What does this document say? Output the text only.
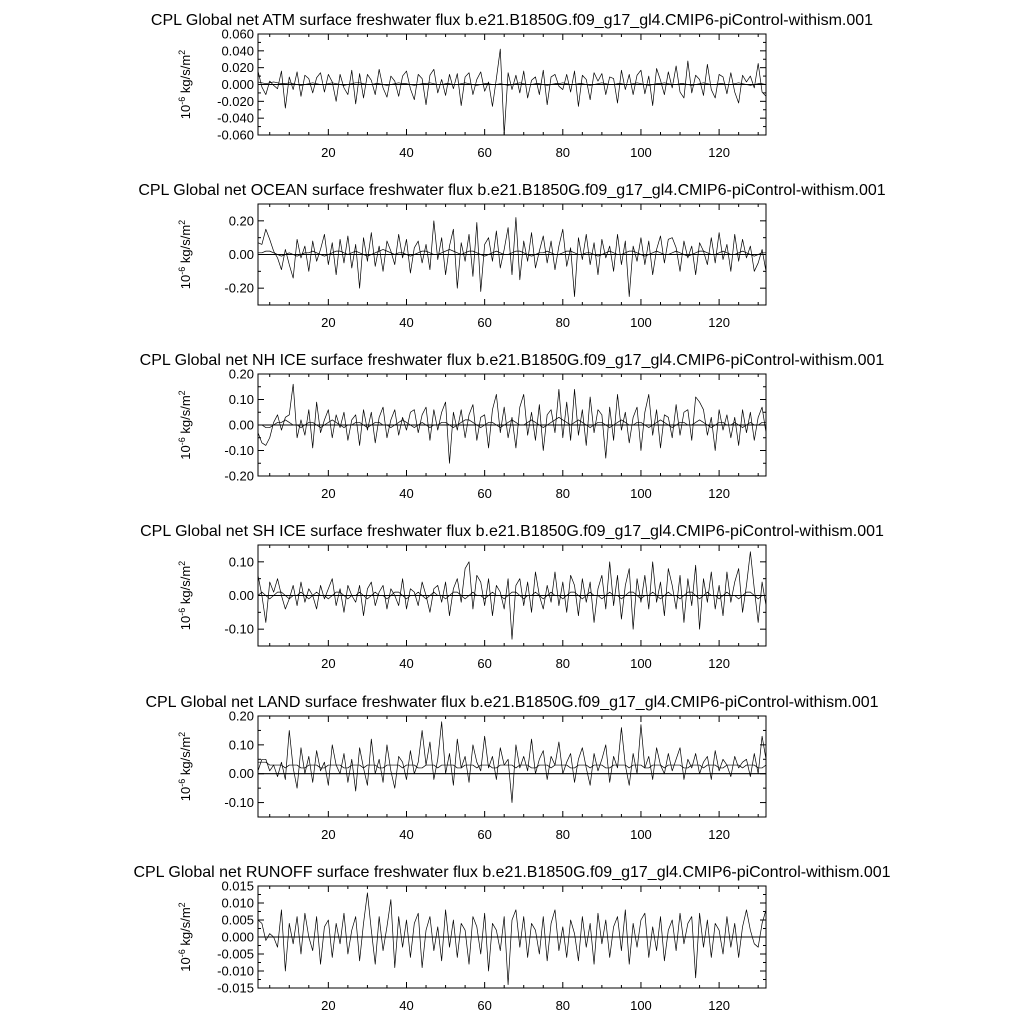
CPL Global net ATM surface freshwater flux b.e21.B1850G.f09_g17_gl4.CMIP6-piControl-withism.001
20	40	60	80	100	120
-0.060
-0.040
-0.020
0.000
0.020
0.040
0.060
$10^{-6}$ $kg/s/m^2$
CPL Global net OCEAN surface freshwater flux b.e21.B1850G.f09_g17_gl4.CMIP6-piControl-withism.001
20	40	60	80	100	120
-0.20
0.00
0.20
$10^{-6}$ $kg/s/m^2$
CPL Global net NH ICE surface freshwater flux b.e21.B1850G.f09_g17_gl4.CMIP6-piControl-withism.001
20	40	60	80	100	120
-0.20
-0.10
0.00
0.10
0.20
$10^{-6}$ $kg/s/m^2$
CPL Global net SH ICE surface freshwater flux b.e21.B1850G.f09_g17_gl4.CMIP6-piControl-withism.001
20	40	60	80	100	120
-0.10
0.00
0.10
$10^{-6}$ $kg/s/m^2$
CPL Global net LAND surface freshwater flux b.e21.B1850G.f09_g17_gl4.CMIP6-piControl-withism.001
20	40	60	80	100	120
-0.10
0.00
0.10
0.20
$10^{-6}$ $kg/s/m^2$
CPL Global net RUNOFF surface freshwater flux b.e21.B1850G.f09_g17_gl4.CMIP6-piControl-withism.001
20	40	60	80	100	120
-0.015
-0.010
-0.005
0.000
0.005
0.010
0.015
$10^{-6}$ $kg/s/m^2$
